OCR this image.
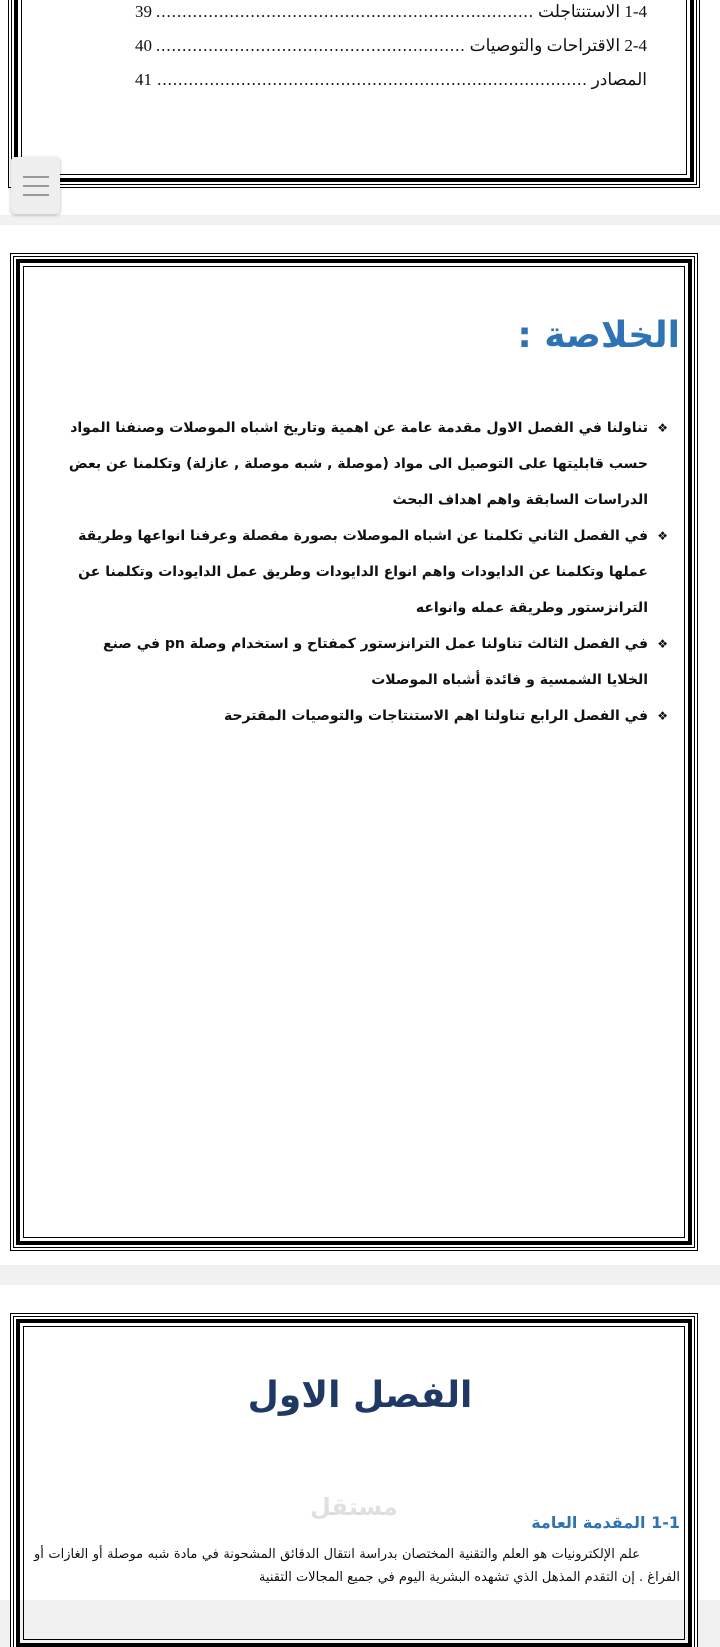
1-4 الاستنتاجلت
.....
39
2-4 الاقتراحات والتوصيات
.....
40
المصادر
.....
41
الخلاصة :
❖ تناولنا في الفصل الاول مقدمة عامة عن اهمية وتاريخ اشباه الموصلات وصنفنا المواد حسب قابليتها على التوصيل الى مواد (موصلة , شبه موصلة , عازلة) وتكلمنا عن بعض الدراسات السابقة واهم اهداف البحث
❖ في الفصل الثاني تكلمنا عن اشباه الموصلات بصورة مفصلة وعرفنا انواعها وطريقة عملها وتكلمنا عن الدايودات واهم انواع الدايودات وطريق عمل الدايودات وتكلمنا عن الترانزستور وطريقة عمله وانواعه
❖ في الفصل الثالث تناولنا عمل الترانزستور كمفتاح و استخدام وصلة pn في صنع الخلايا الشمسية و فائدة أشباه الموصلات
❖ في الفصل الرابع تناولنا اهم الاستنتاجات والتوصيات المقترحة
الفصل الاول
1-1 المقدمة العامة
مستقل
علم الإلكترونيات هو العلم والتقنية المختصان بدراسة انتقال الدقائق المشحونة في مادة شبه موصلة أو الغازات أو الفراغ . إن التقدم المذهل الذي تشهده البشرية اليوم في جميع المجالات التقنية
